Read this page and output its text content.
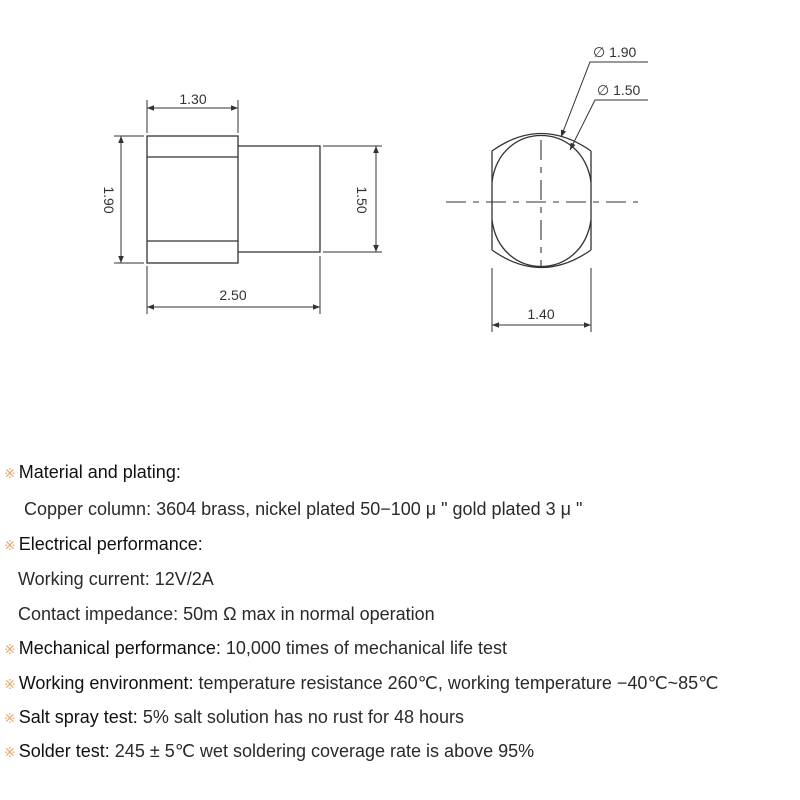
1.30
1.90	1.50
2.50
∅ 1.90
∅ 1.50
1.40
※ Material and plating:
Copper column: 3604 brass, nickel plated 50−100 μ " gold plated 3 μ "
※ Electrical performance:
Working current: 12V/2A
Contact impedance: 50m Ω max in normal operation
※ Mechanical performance: 10,000 times of mechanical life test
※ Working environment: temperature resistance 260℃, working temperature −40℃~85℃
※ Salt spray test: 5% salt solution has no rust for 48 hours
※ Solder test: 245 ± 5℃ wet soldering coverage rate is above 95%
